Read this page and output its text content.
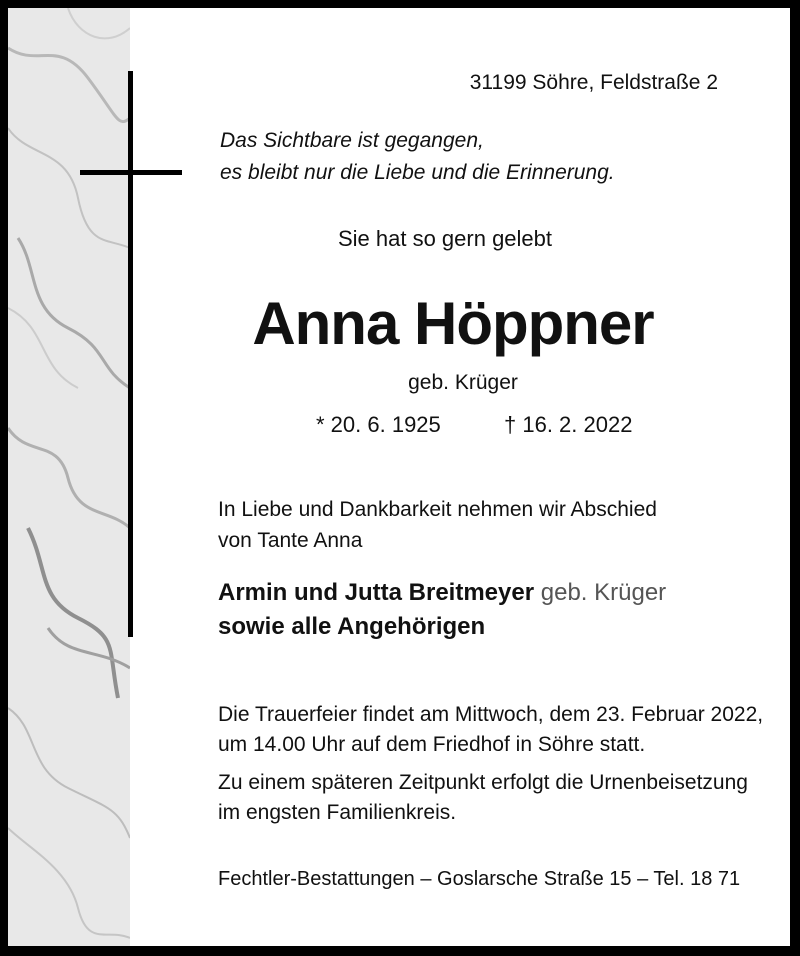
31199 Söhre, Feldstraße 2
Das Sichtbare ist gegangen,
es bleibt nur die Liebe und die Erinnerung.
Sie hat so gern gelebt
Anna Höppner
geb. Krüger
* 20. 6. 1925	† 16. 2. 2022
In Liebe und Dankbarkeit nehmen wir Abschied
von Tante Anna
Armin und Jutta Breitmeyer geb. Krüger
sowie alle Angehörigen
Die Trauerfeier findet am Mittwoch, dem 23. Februar 2022,
um 14.00 Uhr auf dem Friedhof in Söhre statt.
Zu einem späteren Zeitpunkt erfolgt die Urnenbeisetzung
im engsten Familienkreis.
Fechtler-Bestattungen – Goslarsche Straße 15 – Tel. 18 71
